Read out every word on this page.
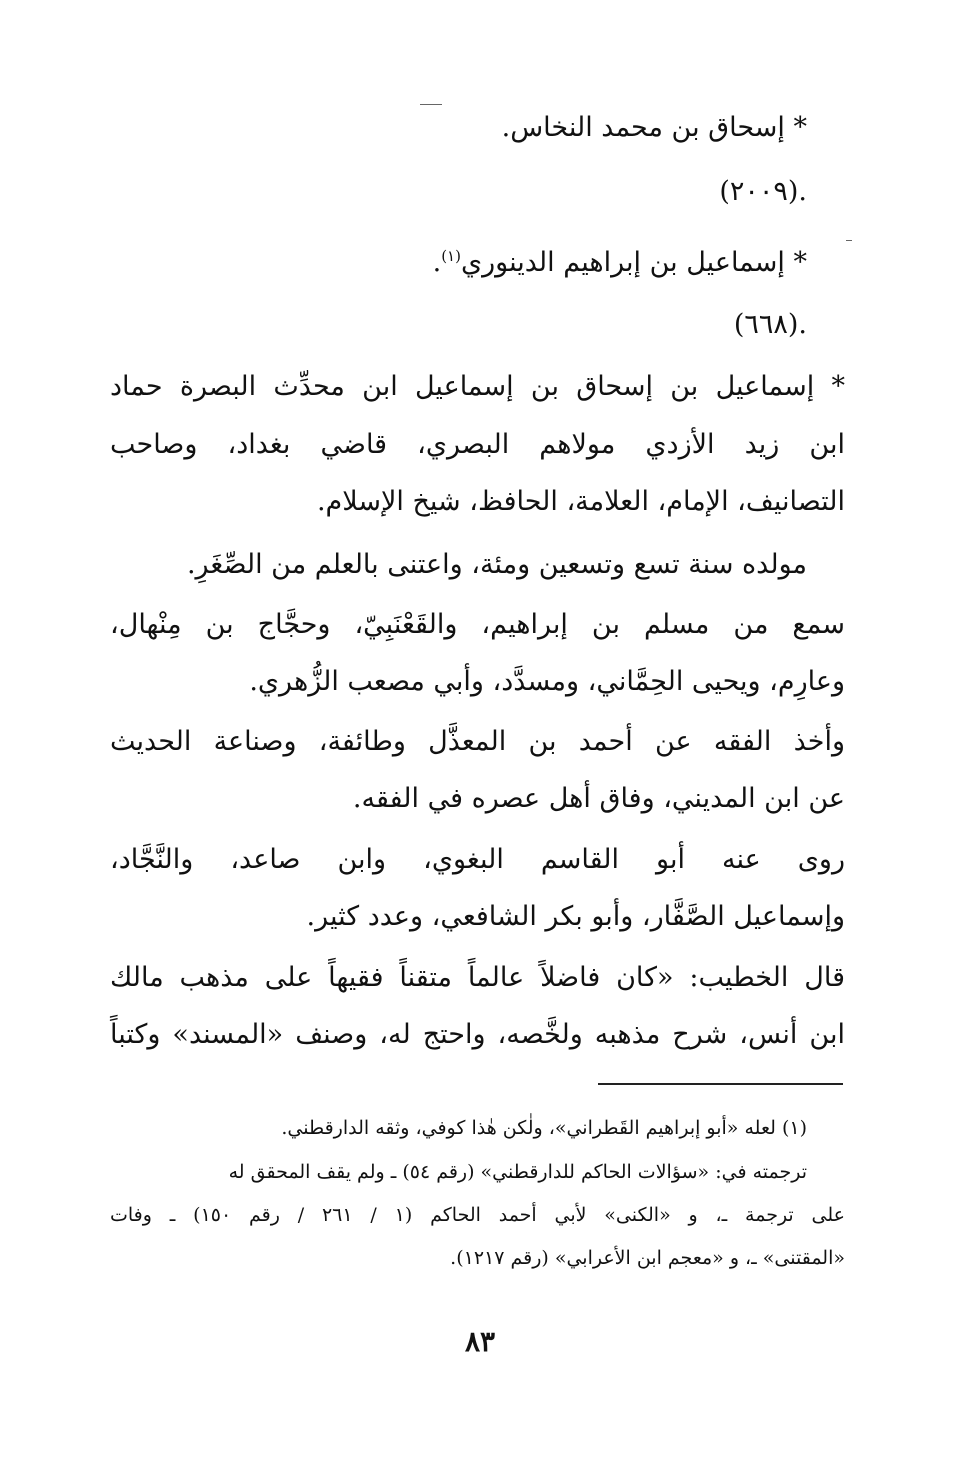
* إسحاق بن محمد النخاس.
.(٢٠٠٩)
* إسماعيل بن إبراهيم الدينوري$^{(١)}$.
.(٦٦٨)
* إسماعيل بن إسحاق بن إسماعيل ابن محدِّث البصرة حماد
ابن زيد الأزدي مولاهم البصري، قاضي بغداد، وصاحب
التصانيف، الإمام، العلامة، الحافظ، شيخ الإسلام.
مولده سنة تسع وتسعين ومئة، واعتنى بالعلم من الصِّغَرِ.
سمع من مسلم بن إبراهيم، والقَعْنَبِيّ، وحجَّاج بن مِنْهال،
وعارِم، ويحيى الحِمَّاني، ومسدَّد، وأبي مصعب الزُّهري.
وأخذ الفقه عن أحمد بن المعذَّل وطائفة، وصناعة الحديث
عن ابن المديني، وفاق أهل عصره في الفقه.
روى عنه أبو القاسم البغوي، وابن صاعد، والنَّجَّاد،
وإسماعيل الصَّفَّار، وأبو بكر الشافعي، وعدد كثير.
قال الخطيب: «كان فاضلاً عالماً متقناً فقيهاً على مذهب مالك
ابن أنس، شرح مذهبه ولخَّصه، واحتج له، وصنف «المسند» وكتباً
(١) لعله «أبو إبراهيم القَطراني»، ولٰكن هٰذا كوفي، وثقه الدارقطني.
ترجمته في: «سؤالات الحاكم للدارقطني» (رقم ٥٤) ـ ولم يقف المحقق له
على ترجمة ـ، و «الكنى» لأبي أحمد الحاكم (١ / ٢٦١ / رقم ١٥٠) ـ وفات
«المقتنى» ـ، و «معجم ابن الأعرابي» (رقم ١٢١٧).
٨٣
